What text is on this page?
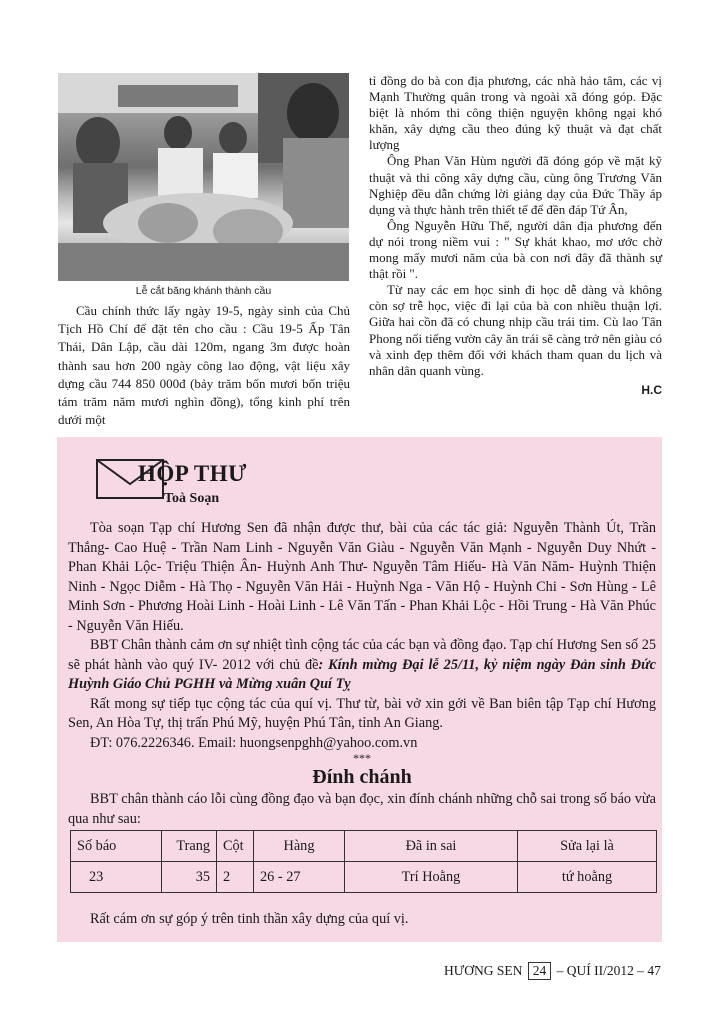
Lễ cắt băng khánh thành cầu

Cầu chính thức lấy ngày 19-5, ngày sinh của Chủ Tịch Hồ Chí để đặt tên cho cầu : Cầu 19-5 Ấp Tân Thái, Dân Lập, cầu dài 120m, ngang 3m được hoàn thành sau hơn 200 ngày công lao động, vật liệu xây dựng cầu 744 850 000đ (bảy trăm bốn mươi bốn triệu tám trăm năm mươi nghìn đồng), tổng kinh phí trên dưới một

tỉ đồng do bà con địa phương, các nhà hảo tâm, các vị Mạnh Thường quân trong và ngoài xã đóng góp. Đặc biệt là nhóm thi công thiện nguyện không ngại khó khăn, xây dựng cầu theo đúng kỹ thuật và đạt chất lượng

Ông Phan Văn Hùm người đã đóng góp về mặt kỹ thuật và thi công xây dựng cầu, cùng ông Trương Văn Nghiệp đều dẫn chứng lời giảng dạy của Đức Thầy áp dụng và thực hành trên thiết tế để đền đáp Tứ Ân,

Ông Nguyễn Hữu Thế, người dân địa phương đến dự nói trong niềm vui : " Sự khát khao, mơ ước chờ mong mấy mươi năm của bà con nơi đây đã thành sự thật rồi ".

Từ nay các em học sinh đi học dễ dàng và không còn sợ trễ học, việc đi lại của bà con nhiều thuận lợi. Giữa hai cồn đã có chung nhịp cầu trái tim. Cù lao Tân Phong nổi tiếng vườn cây ăn trái sẽ càng trở nên giàu có và xinh đẹp thêm đối với khách tham quan du lịch và nhân dân quanh vùng.

H.C
HỘP THƯ
Toà Soạn

Tòa soạn Tạp chí Hương Sen đã nhận được thư, bài của các tác giả: Nguyễn Thành Út, Trần Thắng- Cao Huệ - Trần Nam Linh - Nguyễn Văn Giàu - Nguyễn Văn Mạnh - Nguyễn Duy Nhứt - Phan Khải Lộc- Triệu Thiện Ân- Huỳnh Anh Thư- Nguyễn Tâm Hiếu- Hà Văn Năm- Huỳnh Thiện Ninh - Ngọc Diễm - Hà Thọ - Nguyễn Văn Hải - Huỳnh Nga - Văn Hộ - Huỳnh Chi - Sơn Hùng - Lê Minh Sơn - Phương Hoài Linh - Hoài Linh - Lê Văn Tấn - Phan Khải Lộc - Hồi Trung - Hà Văn Phúc - Nguyễn Văn Hiếu.

BBT Chân thành cảm ơn sự nhiệt tình cộng tác của các bạn và đồng đạo. Tạp chí Hương Sen số 25 sẽ phát hành vào quý IV- 2012 với chủ đề: Kính mừng Đại lễ 25/11, kỷ niệm ngày Đản sinh Đức Huỳnh Giáo Chủ PGHH và Mừng xuân Quí Tỵ

Rất mong sự tiếp tục cộng tác của quí vị. Thư từ, bài vở xin gởi về Ban biên tập Tạp chí Hương Sen, An Hòa Tự, thị trấn Phú Mỹ, huyện Phú Tân, tỉnh An Giang.

ĐT: 076.2226346. Email: huongsenpghh@yahoo.com.vn

***

Đính chánh

BBT chân thành cáo lỗi cùng đồng đạo và bạn đọc, xin đính chánh những chỗ sai trong số báo vừa qua như sau:

Số báo	Trang	Cột	Hàng	Đã in sai	Sửa lại là
23	35	2	26 - 27	Trí Hoằng	tứ hoằng
Rất cám ơn sự góp ý trên tinh thần xây dựng của quí vị.
HƯƠNG SEN 24 – QUÍ II/2012 – 47
